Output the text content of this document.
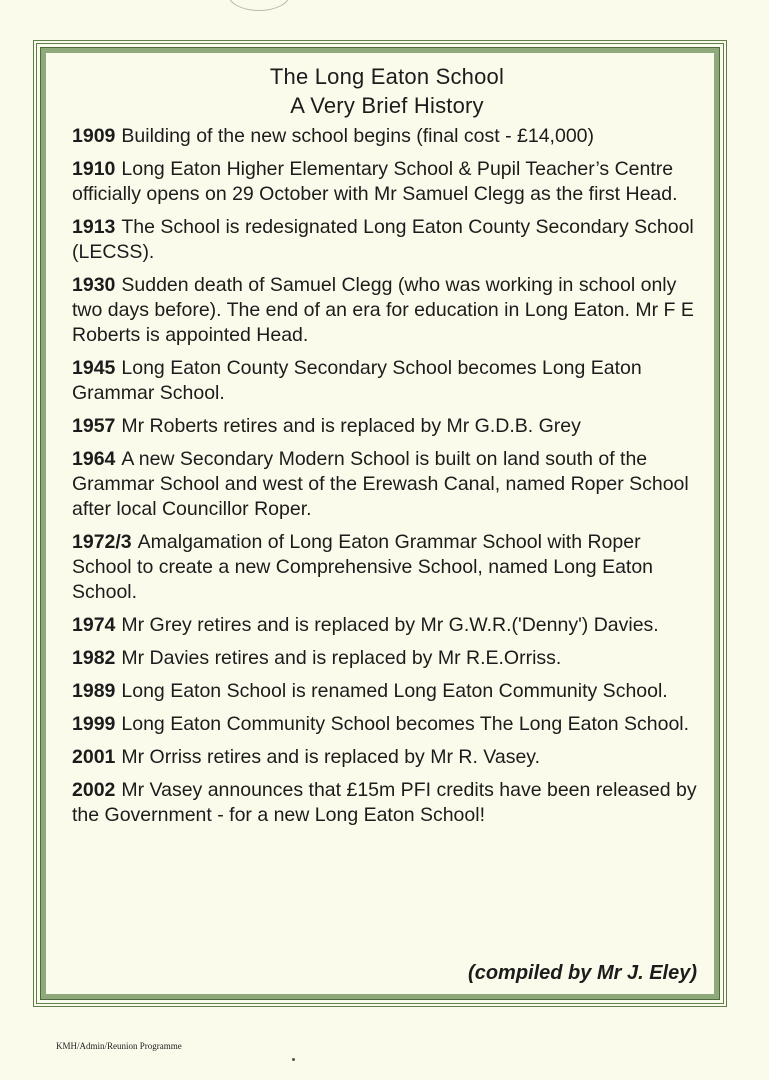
The Long Eaton School
A Very Brief History
1909 Building of the new school begins (final cost - £14,000)
1910 Long Eaton Higher Elementary School & Pupil Teacher’s Centre officially opens on 29 October with Mr Samuel Clegg as the first Head.
1913 The School is redesignated Long Eaton County Secondary School (LECSS).
1930 Sudden death of Samuel Clegg (who was working in school only two days before). The end of an era for education in Long Eaton. Mr F E Roberts is appointed Head.
1945 Long Eaton County Secondary School becomes Long Eaton Grammar School.
1957 Mr Roberts retires and is replaced by Mr G.D.B. Grey
1964 A new Secondary Modern School is built on land south of the Grammar School and west of the Erewash Canal, named Roper School after local Councillor Roper.
1972/3 Amalgamation of Long Eaton Grammar School with Roper School to create a new Comprehensive School, named Long Eaton School.
1974 Mr Grey retires and is replaced by Mr G.W.R.('Denny') Davies.
1982 Mr Davies retires and is replaced by Mr R.E.Orriss.
1989 Long Eaton School is renamed Long Eaton Community School.
1999 Long Eaton Community School becomes The Long Eaton School.
2001 Mr Orriss retires and is replaced by Mr R. Vasey.
2002 Mr Vasey announces that £15m PFI credits have been released by the Government - for a new Long Eaton School!
(compiled by Mr J. Eley)
KMH/Admin/Reunion Programme
